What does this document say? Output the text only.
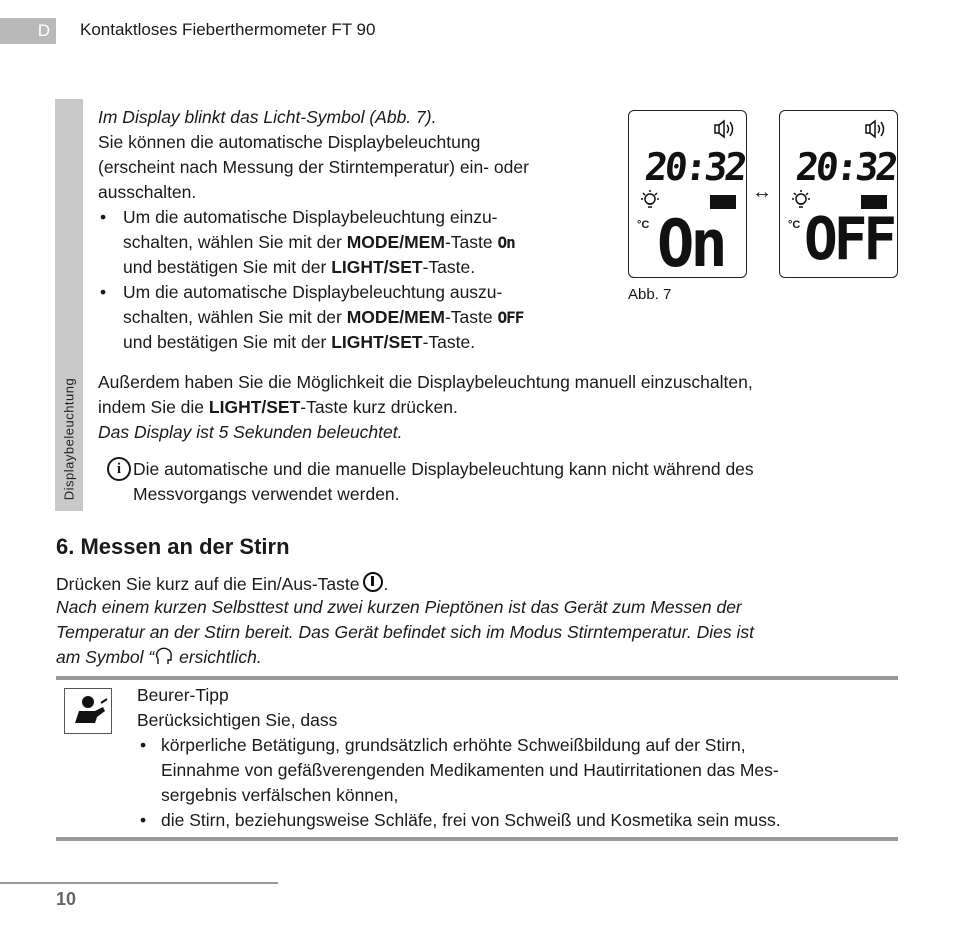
D Kontaktloses Fieberthermometer FT 90
Displaybeleuchtung
Im Display blinkt das Licht-Symbol (Abb. 7).
Sie können die automatische Displaybeleuchtung
(erscheint nach Messung der Stirntemperatur) ein- oder
ausschalten.
• Um die automatische Displaybeleuchtung einzu-
schalten, wählen Sie mit der MODE/MEM-Taste On
und bestätigen Sie mit der LIGHT/SET-Taste.
• Um die automatische Displaybeleuchtung auszu-
schalten, wählen Sie mit der MODE/MEM-Taste OFF
und bestätigen Sie mit der LIGHT/SET-Taste.
Außerdem haben Sie die Möglichkeit die Displaybeleuchtung manuell einzuschalten,
indem Sie die LIGHT/SET-Taste kurz drücken.
Das Display ist 5 Sekunden beleuchtet.
i Die automatische und die manuelle Displaybeleuchtung kann nicht während des
Messvorgangs verwendet werden.
20:32
°C On
↔
20:32
°C OFF
Abb. 7
6. Messen an der Stirn
Drücken Sie kurz auf die Ein/Aus-Taste .
Nach einem kurzen Selbsttest und zwei kurzen Pieptönen ist das Gerät zum Messen der
Temperatur an der Stirn bereit. Das Gerät befindet sich im Modus Stirntemperatur. Dies ist
am Symbol “ ersichtlich.
Beurer-Tipp
Berücksichtigen Sie, dass
• körperliche Betätigung, grundsätzlich erhöhte Schweißbildung auf der Stirn,
Einnahme von gefäßverengenden Medikamenten und Hautirritationen das Mes-
sergebnis verfälschen können,
• die Stirn, beziehungsweise Schläfe, frei von Schweiß und Kosmetika sein muss.
10
